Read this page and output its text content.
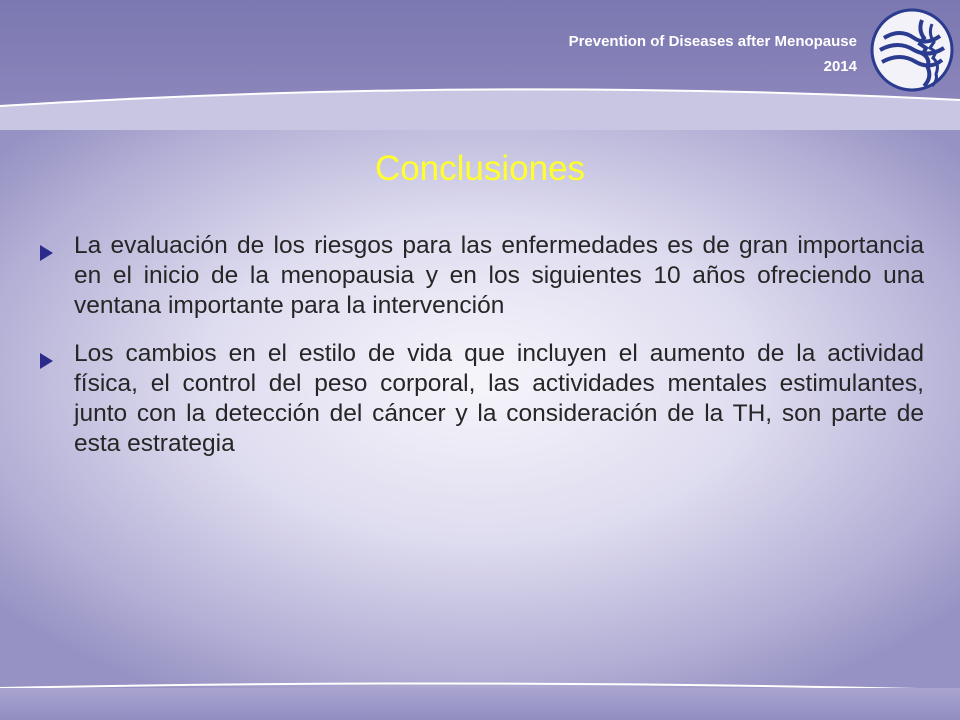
Prevention of Diseases after Menopause
2014
Conclusiones
La evaluación de los riesgos para las enfermedades es de gran importancia en el inicio de la menopausia y en los siguientes 10 años ofreciendo una ventana importante para la intervención
Los cambios en el estilo de vida que incluyen el aumento de la actividad física, el control del peso corporal, las actividades mentales estimulantes, junto con la detección del cáncer y la consideración de la TH, son parte de esta estrategia
